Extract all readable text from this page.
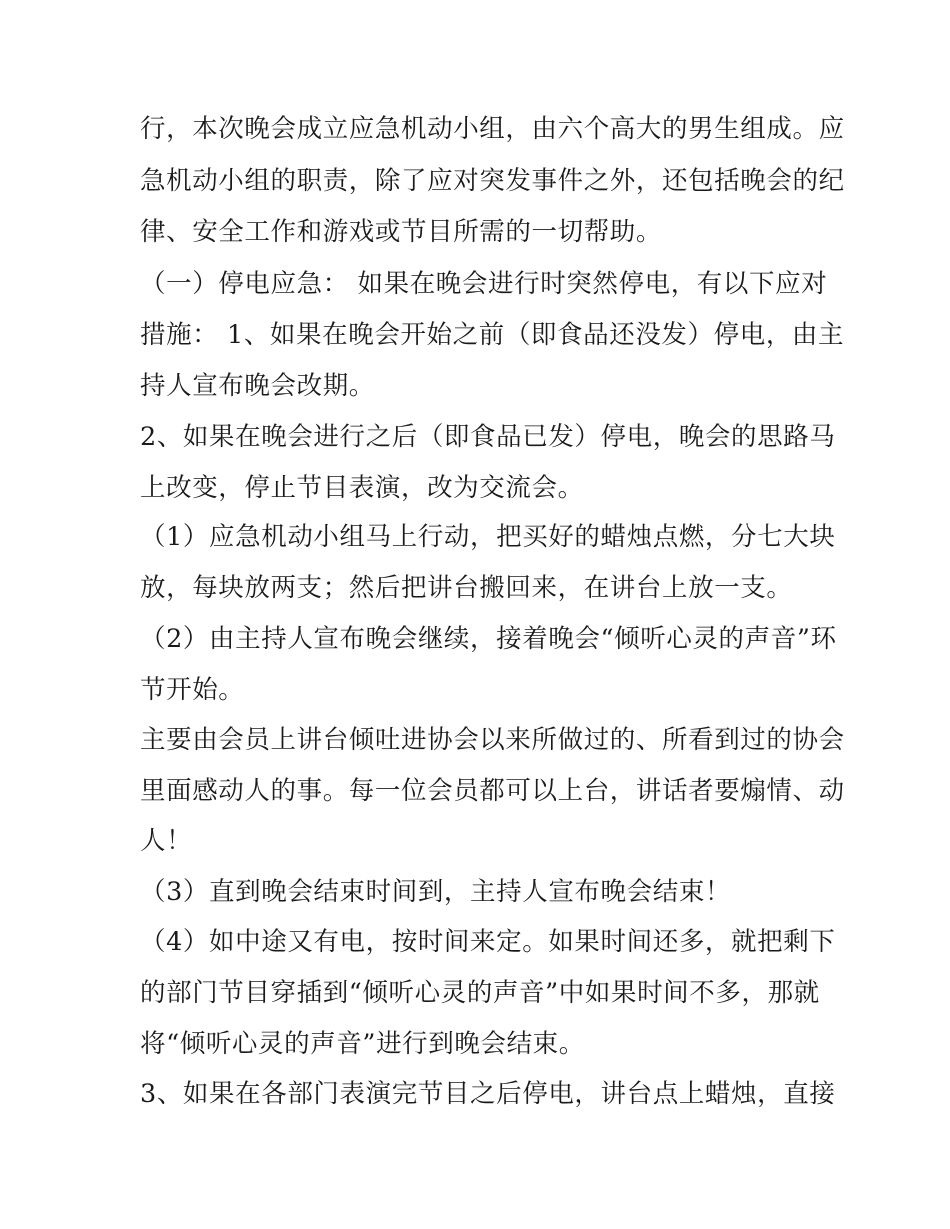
行，本次晚会成立应急机动小组，由六个高大的男生组成。应
急机动小组的职责，除了应对突发事件之外，还包括晚会的纪
律、安全工作和游戏或节目所需的一切帮助。
（一）停电应急： 如果在晚会进行时突然停电，有以下应对
措施： 1、如果在晚会开始之前（即食品还没发）停电，由主
持人宣布晚会改期。
2、如果在晚会进行之后（即食品已发）停电，晚会的思路马
上改变，停止节目表演，改为交流会。
（1）应急机动小组马上行动，把买好的蜡烛点燃，分七大块
放，每块放两支；然后把讲台搬回来，在讲台上放一支。
（2）由主持人宣布晚会继续，接着晚会“倾听心灵的声音”环
节开始。
主要由会员上讲台倾吐进协会以来所做过的、所看到过的协会
里面感动人的事。每一位会员都可以上台，讲话者要煽情、动
人！
（3）直到晚会结束时间到，主持人宣布晚会结束！
（4）如中途又有电，按时间来定。如果时间还多，就把剩下
的部门节目穿插到“倾听心灵的声音”中如果时间不多，那就
将“倾听心灵的声音”进行到晚会结束。
3、如果在各部门表演完节目之后停电，讲台点上蜡烛，直接
